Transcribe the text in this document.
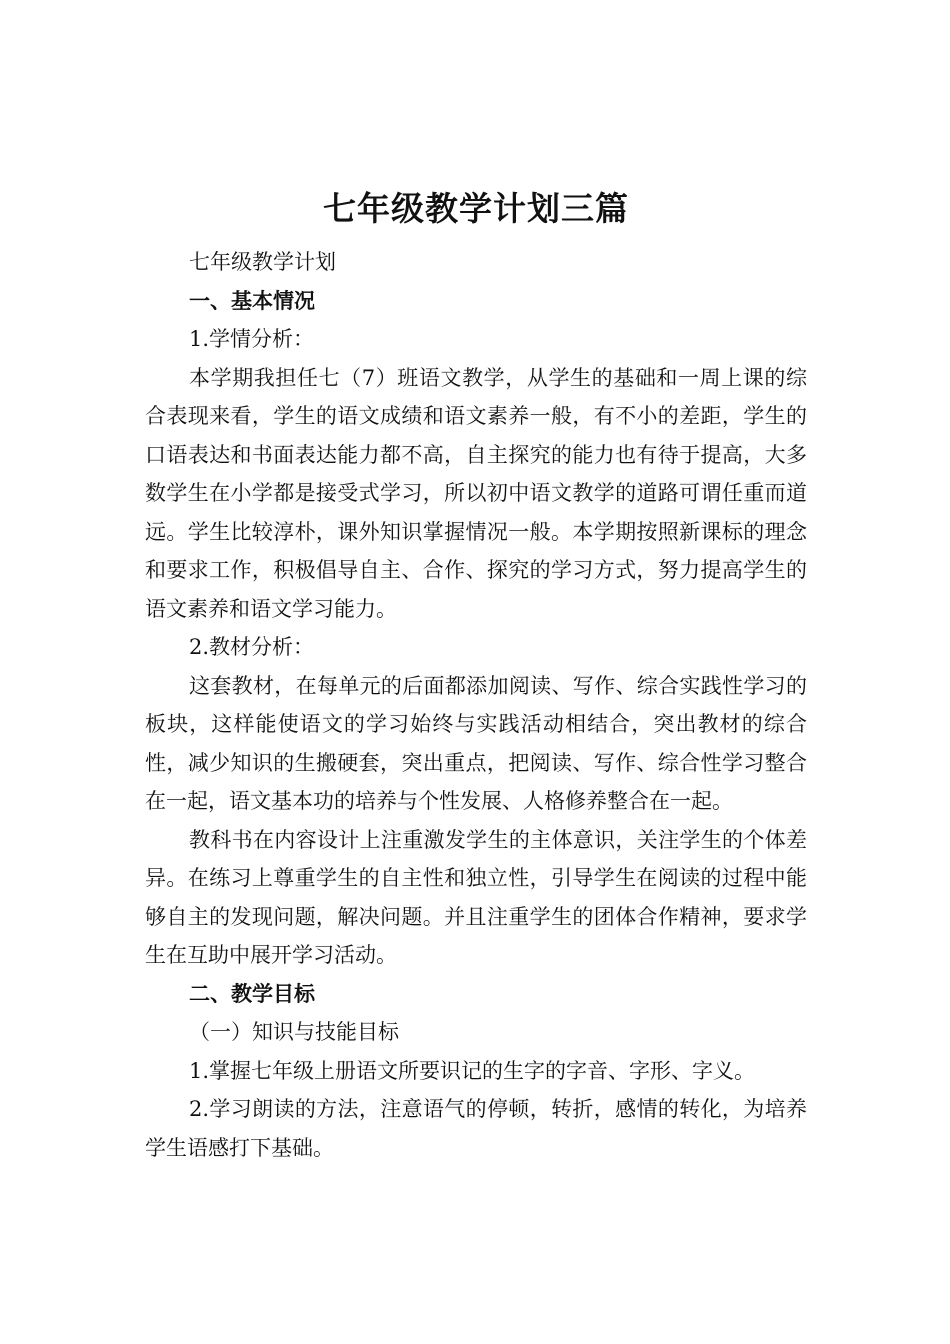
七年级教学计划三篇

七年级教学计划

一、基本情况

1.学情分析：

本学期我担任七（7）班语文教学，从学生的基础和一周上课的综合表现来看，学生的语文成绩和语文素养一般，有不小的差距，学生的口语表达和书面表达能力都不高，自主探究的能力也有待于提高，大多数学生在小学都是接受式学习，所以初中语文教学的道路可谓任重而道远。学生比较淳朴，课外知识掌握情况一般。本学期按照新课标的理念和要求工作，积极倡导自主、合作、探究的学习方式，努力提高学生的语文素养和语文学习能力。

2.教材分析：

这套教材，在每单元的后面都添加阅读、写作、综合实践性学习的板块，这样能使语文的学习始终与实践活动相结合，突出教材的综合性，减少知识的生搬硬套，突出重点，把阅读、写作、综合性学习整合在一起，语文基本功的培养与个性发展、人格修养整合在一起。

教科书在内容设计上注重激发学生的主体意识，关注学生的个体差异。在练习上尊重学生的自主性和独立性，引导学生在阅读的过程中能够自主的发现问题，解决问题。并且注重学生的团体合作精神，要求学生在互助中展开学习活动。

二、教学目标

（一）知识与技能目标

1.掌握七年级上册语文所要识记的生字的字音、字形、字义。

2.学习朗读的方法，注意语气的停顿，转折，感情的转化，为培养学生语感打下基础。
